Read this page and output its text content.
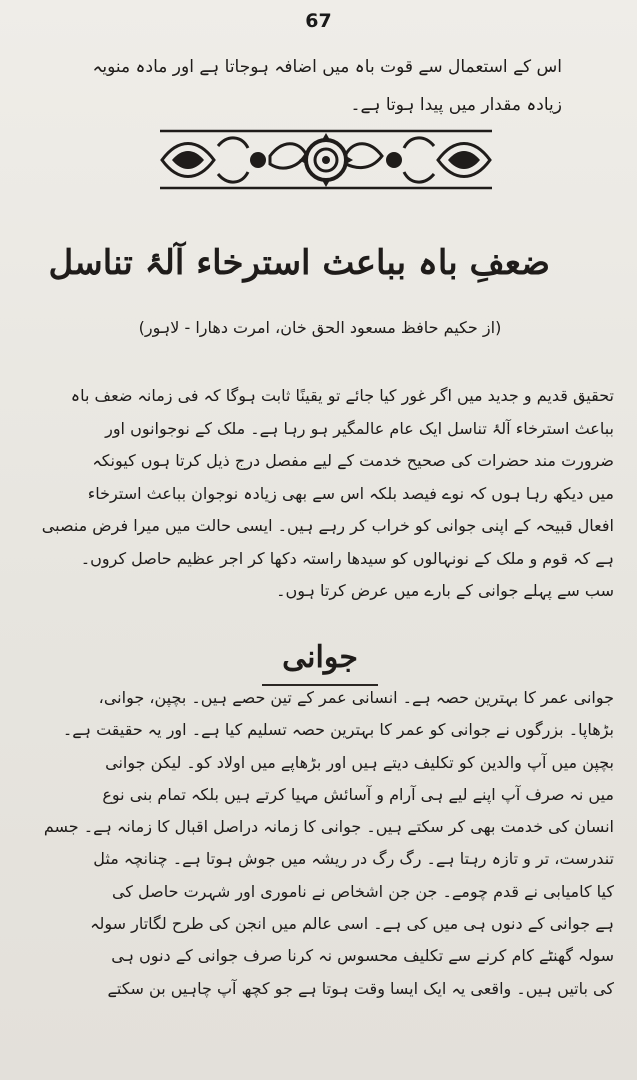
67
اس کے استعمال سے قوت باہ میں اضافہ ہوجاتا ہے اور مادہ منویہ
زیادہ مقدار میں پیدا ہوتا ہے۔
ضعفِ باہ بباعث استرخاء آلۂ تناسل
(از حکیم حافظ مسعود الحق خان، امرت دھارا - لاہور)
تحقیق قدیم و جدید میں اگر غور کیا جائے تو یقینًا ثابت ہوگا کہ فی زمانہ ضعف باہ
بباعث استرخاء آلۂ تناسل ایک عام عالمگیر ہو رہا ہے۔ ملک کے نوجوانوں اور
ضرورت مند حضرات کی صحیح خدمت کے لیے مفصل درج ذیل کرتا ہوں کیونکہ
میں دیکھ رہا ہوں کہ نوے فیصد بلکہ اس سے بھی زیادہ نوجوان بباعث استرخاء
افعال قبیحہ کے اپنی جوانی کو خراب کر رہے ہیں۔ ایسی حالت میں میرا فرض منصبی
ہے کہ قوم و ملک کے نونہالوں کو سیدھا راستہ دکھا کر اجر عظیم حاصل کروں۔
سب سے پہلے جوانی کے بارے میں عرض کرتا ہوں۔
جوانی
جوانی عمر کا بہترین حصہ ہے۔ انسانی عمر کے تین حصے ہیں۔ بچپن، جوانی،
بڑھاپا۔ بزرگوں نے جوانی کو عمر کا بہترین حصہ تسلیم کیا ہے۔ اور یہ حقیقت ہے۔
بچپن میں آپ والدین کو تکلیف دیتے ہیں اور بڑھاپے میں اولاد کو۔ لیکن جوانی
میں نہ صرف آپ اپنے لیے ہی آرام و آسائش مہیا کرتے ہیں بلکہ تمام بنی نوع
انسان کی خدمت بھی کر سکتے ہیں۔ جوانی کا زمانہ دراصل اقبال کا زمانہ ہے۔ جسم
تندرست، تر و تازہ رہتا ہے۔ رگ رگ در ریشہ میں جوش ہوتا ہے۔ چنانچہ مثل
کیا کامیابی نے قدم چومے۔ جن جن اشخاص نے ناموری اور شہرت حاصل کی
ہے جوانی کے دنوں ہی میں کی ہے۔ اسی عالم میں انجن کی طرح لگاتار سولہ
سولہ گھنٹے کام کرنے سے تکلیف محسوس نہ کرنا صرف جوانی کے دنوں ہی
کی باتیں ہیں۔ واقعی یہ ایک ایسا وقت ہوتا ہے جو کچھ آپ چاہیں بن سکتے
